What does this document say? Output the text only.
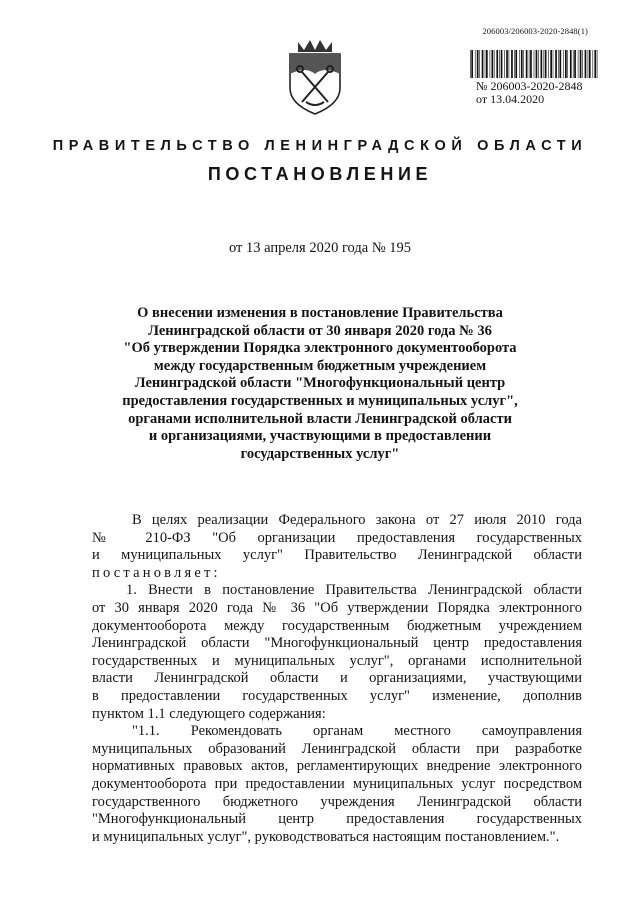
206003/206003-2020-2848(1)
№ 206003-2020-2848
от 13.04.2020
ПРАВИТЕЛЬСТВО ЛЕНИНГРАДСКОЙ ОБЛАСТИ
ПОСТАНОВЛЕНИЕ
от 13 апреля 2020 года № 195
О внесении изменения в постановление Правительства
Ленинградской области от 30 января 2020 года № 36
"Об утверждении Порядка электронного документооборота
между государственным бюджетным учреждением
Ленинградской области "Многофункциональный центр
предоставления государственных и муниципальных услуг",
органами исполнительной власти Ленинградской области
и организациями, участвующими в предоставлении
государственных услуг"
В целях реализации Федерального закона от 27 июля 2010 года
№ 210-ФЗ "Об организации предоставления государственных
и муниципальных услуг" Правительство Ленинградской области
постановляет:
1. Внести в постановление Правительства Ленинградской области
от 30 января 2020 года № 36 "Об утверждении Порядка электронного
документооборота между государственным бюджетным учреждением
Ленинградской области "Многофункциональный центр предоставления
государственных и муниципальных услуг", органами исполнительной
власти Ленинградской области и организациями, участвующими
в предоставлении государственных услуг" изменение, дополнив
пунктом 1.1 следующего содержания:
"1.1. Рекомендовать органам местного самоуправления
муниципальных образований Ленинградской области при разработке
нормативных правовых актов, регламентирующих внедрение электронного
документооборота при предоставлении муниципальных услуг посредством
государственного бюджетного учреждения Ленинградской области
"Многофункциональный центр предоставления государственных
и муниципальных услуг", руководствоваться настоящим постановлением.".
